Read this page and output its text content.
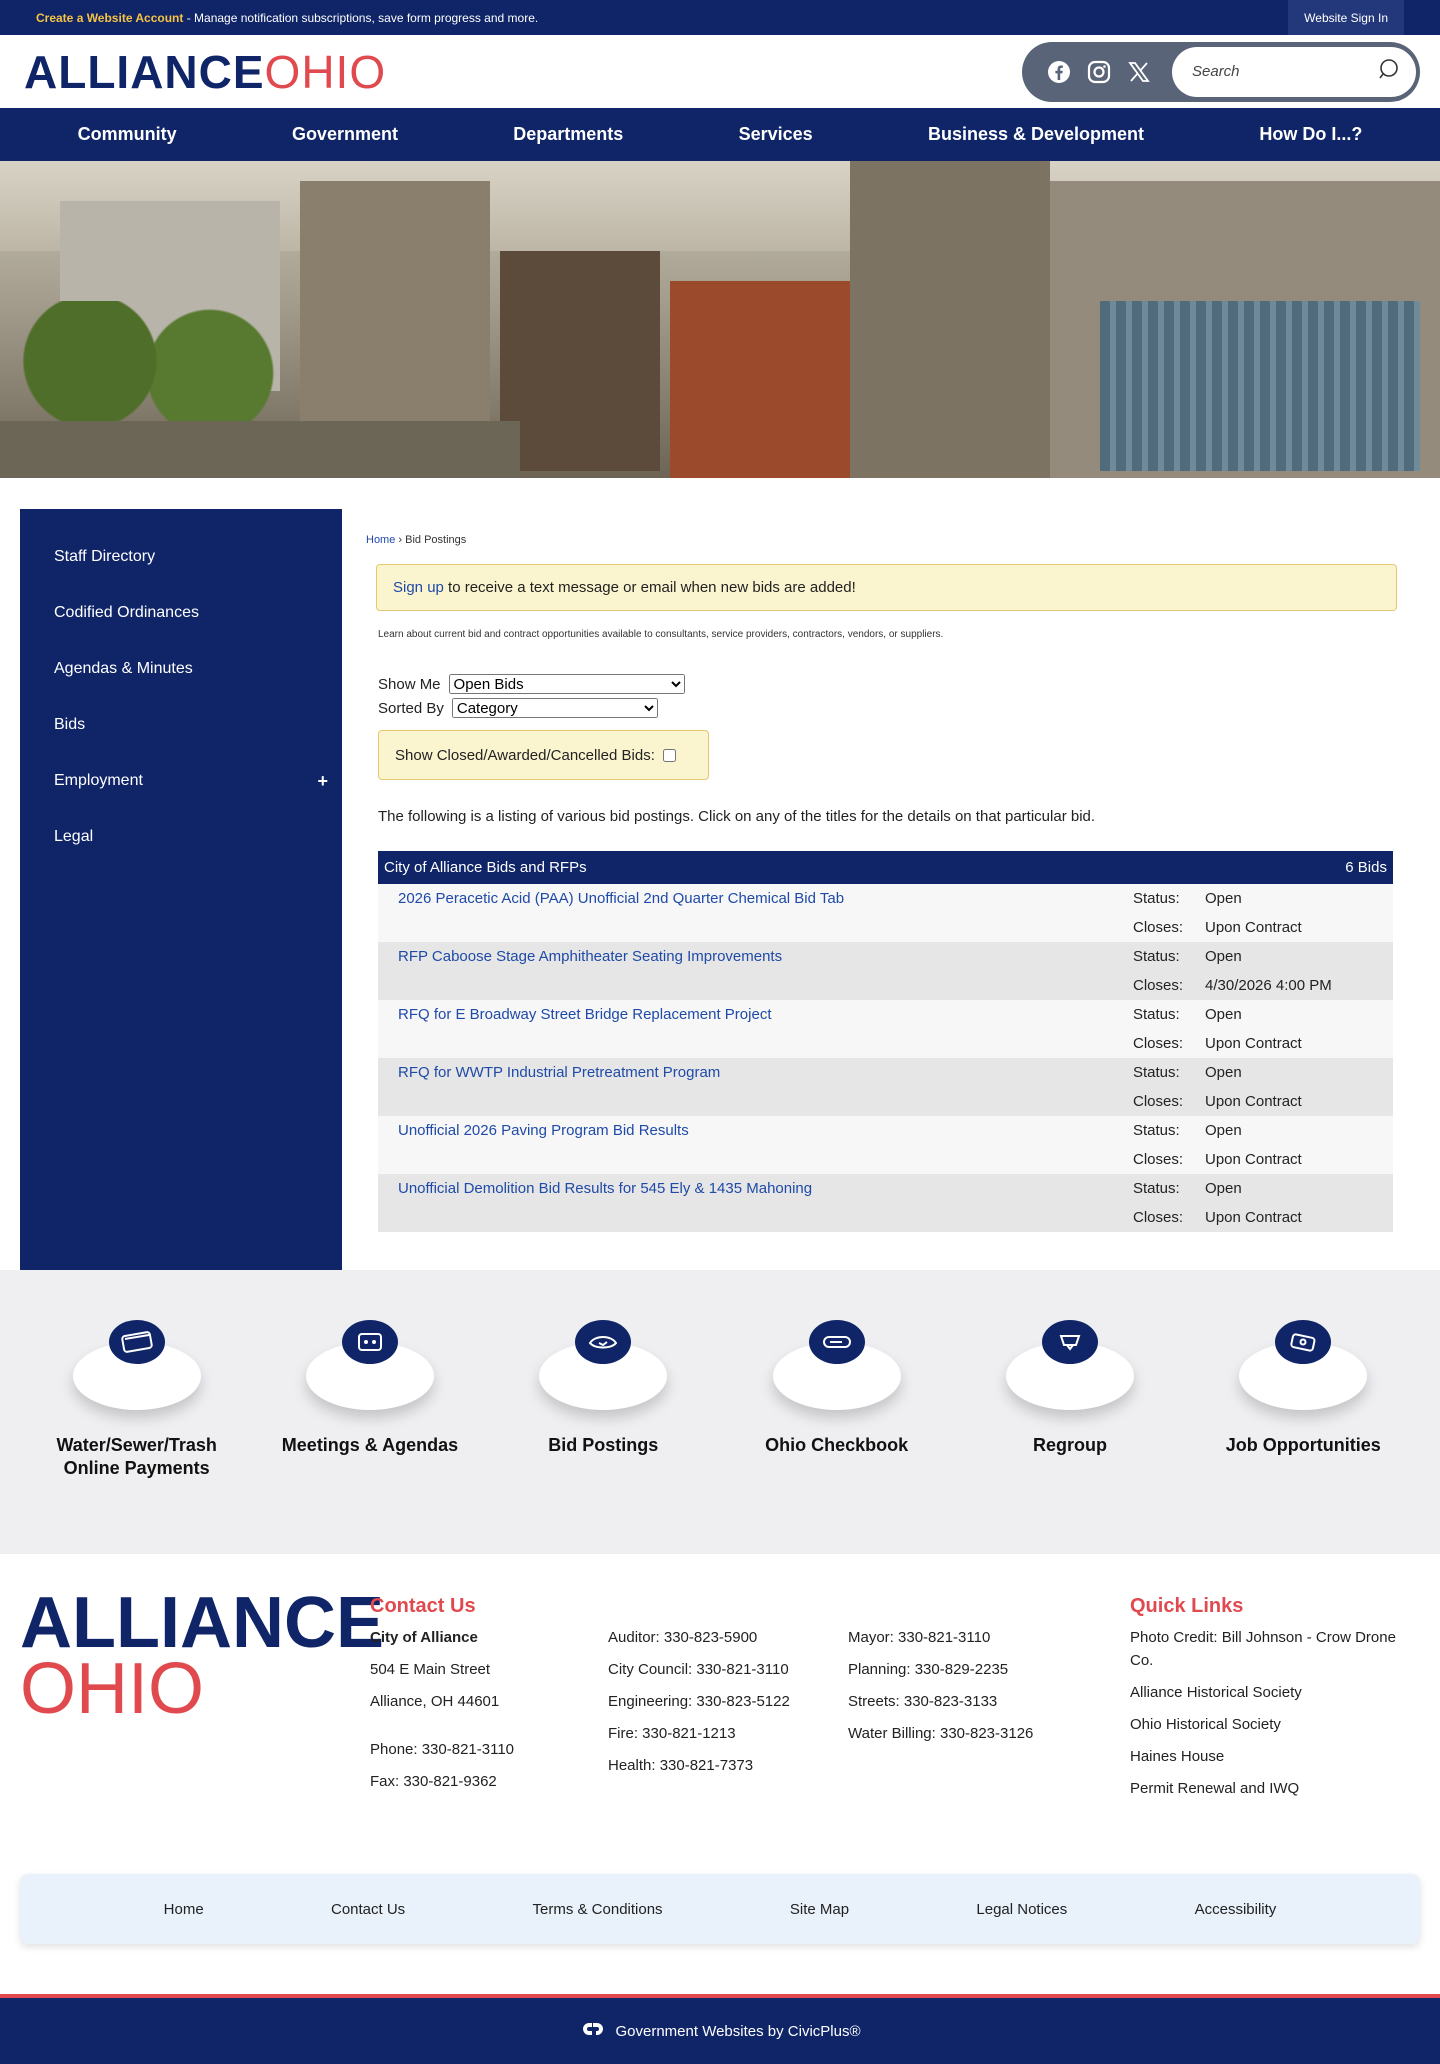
Create a Website Account - Manage notification subscriptions, save form progress and more.	Website Sign In
ALLIANCE OHIO
Search
Community	Government	Departments	Services	Business & Development	How Do I...?
Staff Directory
Codified Ordinances
Agendas & Minutes
Bids
Employment	+
Legal
Home › Bid Postings
Sign up to receive a text message or email when new bids are added!
Learn about current bid and contract opportunities available to consultants, service providers, contractors, vendors, or suppliers.
Show Me
Open Bids
Sorted By
Category
Show Closed/Awarded/Cancelled Bids:
The following is a listing of various bid postings. Click on any of the titles for the details on that particular bid.
City of Alliance Bids and RFPs	6 Bids
2026 Peracetic Acid (PAA) Unofficial 2nd Quarter Chemical Bid Tab	Status:	Open
Closes:	Upon Contract
RFP Caboose Stage Amphitheater Seating Improvements	Status:	Open
Closes:	4/30/2026 4:00 PM
RFQ for E Broadway Street Bridge Replacement Project	Status:	Open
Closes:	Upon Contract
RFQ for WWTP Industrial Pretreatment Program	Status:	Open
Closes:	Upon Contract
Unofficial 2026 Paving Program Bid Results	Status:	Open
Closes:	Upon Contract
Unofficial Demolition Bid Results for 545 Ely & 1435 Mahoning	Status:	Open
Closes:	Upon Contract
Water/Sewer/Trash Online Payments
Meetings & Agendas	Bid Postings	Ohio Checkbook	Regroup	Job Opportunities
ALLIANCE
OHIO
Contact Us
City of Alliance
504 E Main Street
Alliance, OH 44601
Phone: 330-821-3110
Fax: 330-821-9362
Auditor: 330-823-5900
City Council: 330-821-3110
Engineering: 330-823-5122
Fire: 330-821-1213
Health: 330-821-7373
Mayor: 330-821-3110
Planning: 330-829-2235
Streets: 330-823-3133
Water Billing: 330-823-3126
Quick Links
Photo Credit: Bill Johnson - Crow Drone Co.
Alliance Historical Society
Ohio Historical Society
Haines House
Permit Renewal and IWQ
Home	Contact Us	Terms & Conditions	Site Map	Legal Notices	Accessibility
Government Websites by CivicPlus®
